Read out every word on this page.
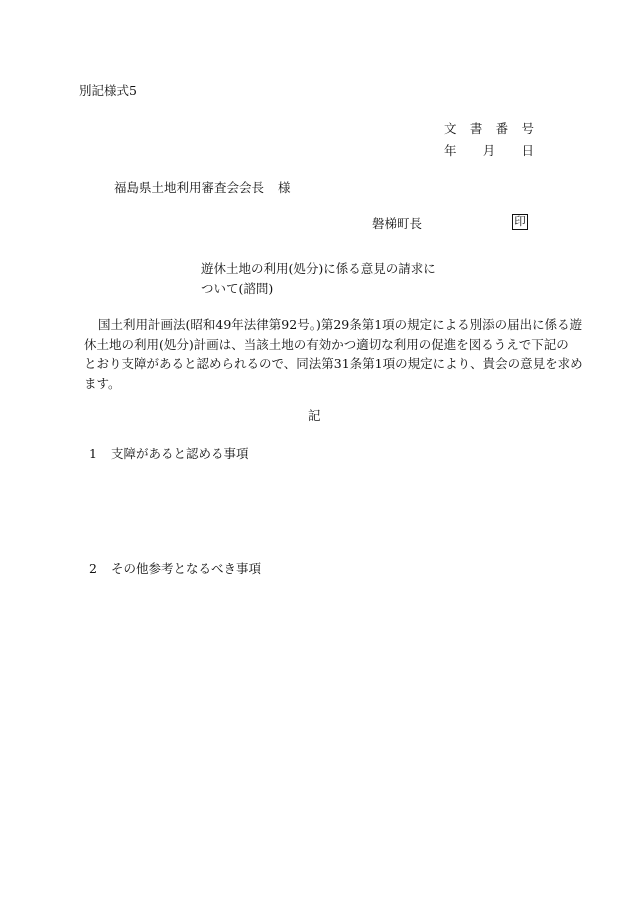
別記様式5
文 書 番 号
年 月 日
福島県土地利用審査会会長 様
磐梯町長	印
遊休土地の利用(処分)に係る意見の請求に
ついて(諮問)
国土利用計画法(昭和49年法律第92号。)第29条第1項の規定による別添の届出に係る遊
休土地の利用(処分)計画は、当該土地の有効かつ適切な利用の促進を図るうえで下記の
とおり支障があると認められるので、同法第31条第1項の規定により、貴会の意見を求め
ます。
記
1 支障があると認める事項
2 その他参考となるべき事項
